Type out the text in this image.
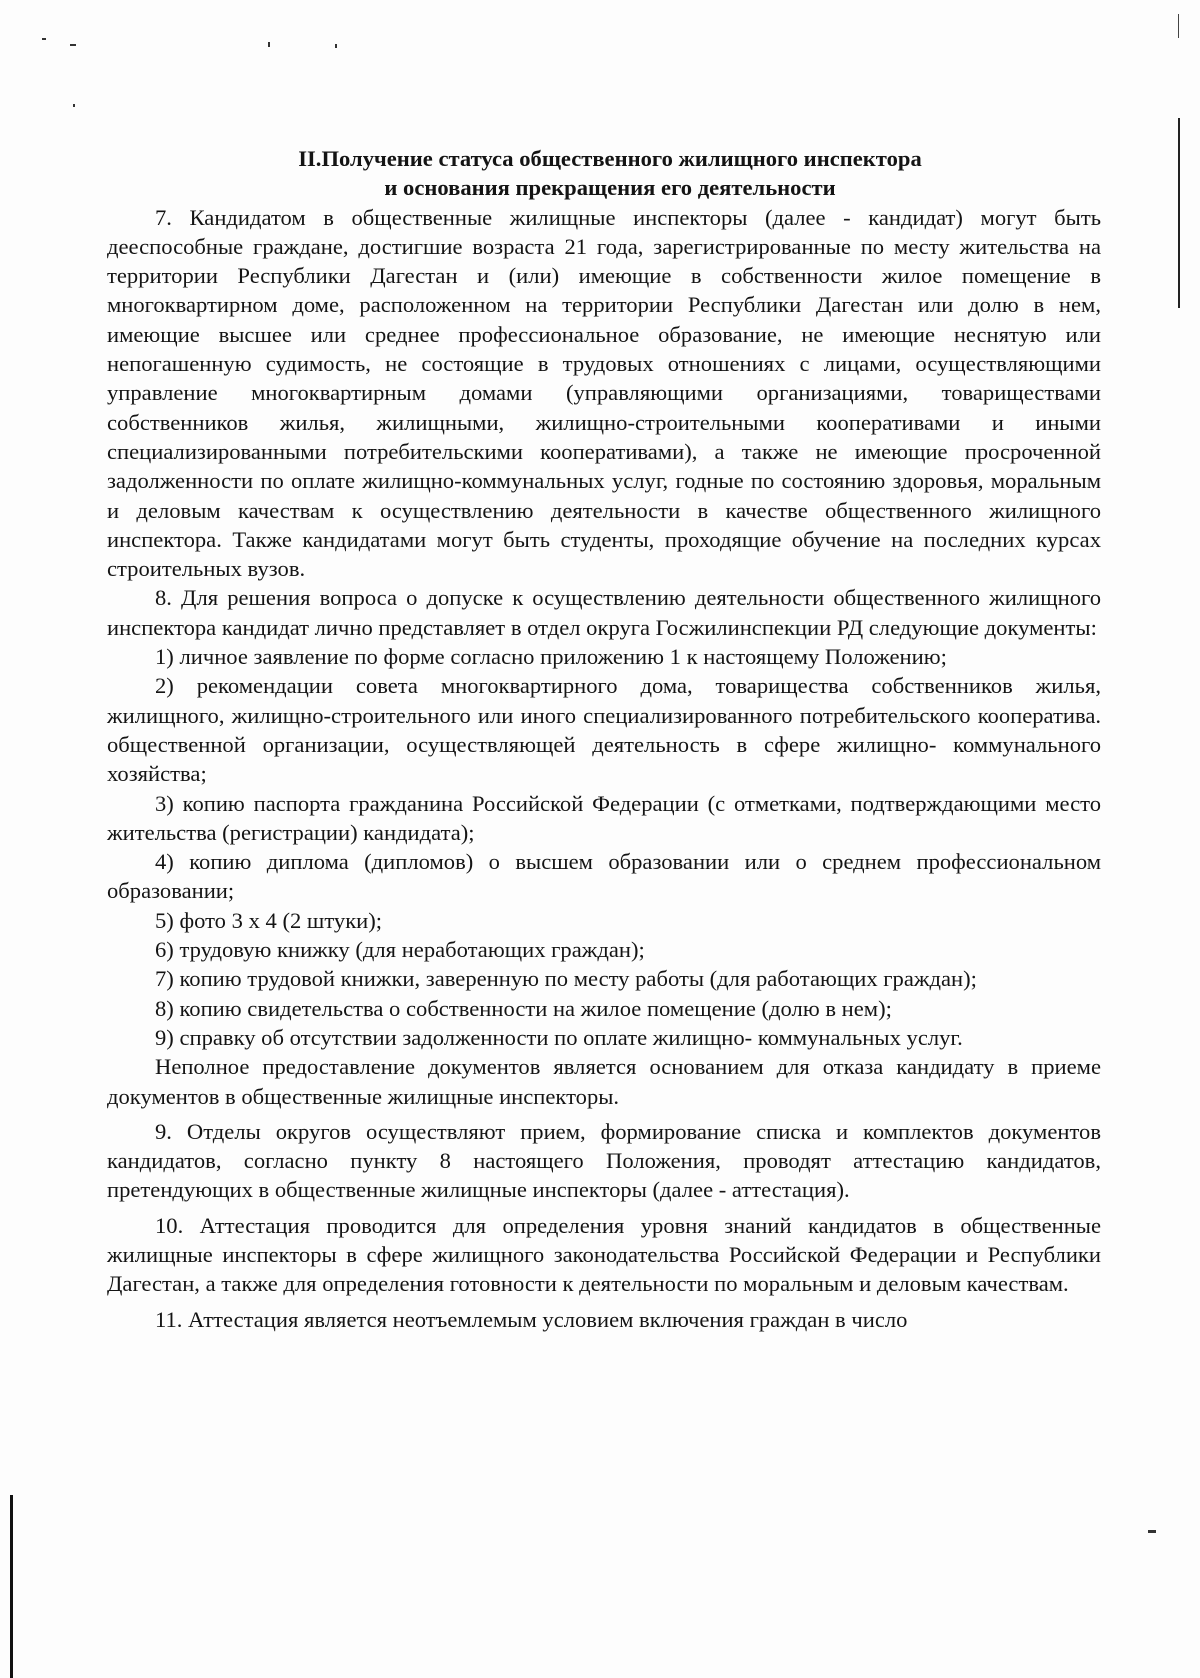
II.Получение статуса общественного жилищного инспектора
и основания прекращения его деятельности

7. Кандидатом в общественные жилищные инспекторы (далее - кандидат) могут быть дееспособные граждане, достигшие возраста 21 года, зарегистрированные по месту жительства на территории Республики Дагестан и (или) имеющие в собственности жилое помещение в многоквартирном доме, расположенном на территории Республики Дагестан или долю в нем, имеющие высшее или среднее профессиональное образование, не имеющие неснятую или непогашенную судимость, не состоящие в трудовых отношениях с лицами, осуществляющими управление многоквартирным домами (управляющими организациями, товариществами собственников жилья, жилищными, жилищно-строительными кооперативами и иными специализированными потребительскими кооперативами), а также не имеющие просроченной задолженности по оплате жилищно-коммунальных услуг, годные по состоянию здоровья, моральным и деловым качествам к осуществлению деятельности в качестве общественного жилищного инспектора. Также кандидатами могут быть студенты, проходящие обучение на последних курсах строительных вузов.

8. Для решения вопроса о допуске к осуществлению деятельности общественного жилищного инспектора кандидат лично представляет в отдел округа Госжилинспекции РД следующие документы:

1) личное заявление по форме согласно приложению 1 к настоящему Положению;

2) рекомендации совета многоквартирного дома, товарищества собственников жилья, жилищного, жилищно-строительного или иного специализированного потребительского кооператива. общественной организации, осуществляющей деятельность в сфере жилищно- коммунального хозяйства;

3) копию паспорта гражданина Российской Федерации (с отметками, подтверждающими место жительства (регистрации) кандидата);

4) копию диплома (дипломов) о высшем образовании или о среднем профессиональном образовании;

5) фото 3 х 4 (2 штуки);

6) трудовую книжку (для неработающих граждан);

7) копию трудовой книжки, заверенную по месту работы (для работающих граждан);

8) копию свидетельства о собственности на жилое помещение (долю в нем);

9) справку об отсутствии задолженности по оплате жилищно- коммунальных услуг.

Неполное предоставление документов является основанием для отказа кандидату в приеме документов в общественные жилищные инспекторы.

9. Отделы округов осуществляют прием, формирование списка и комплектов документов кандидатов, согласно пункту 8 настоящего Положения, проводят аттестацию кандидатов, претендующих в общественные жилищные инспекторы (далее - аттестация).

10. Аттестация проводится для определения уровня знаний кандидатов в общественные жилищные инспекторы в сфере жилищного законодательства Российской Федерации и Республики Дагестан, а также для определения готовности к деятельности по моральным и деловым качествам.

11. Аттестация является неотъемлемым условием включения граждан в число
